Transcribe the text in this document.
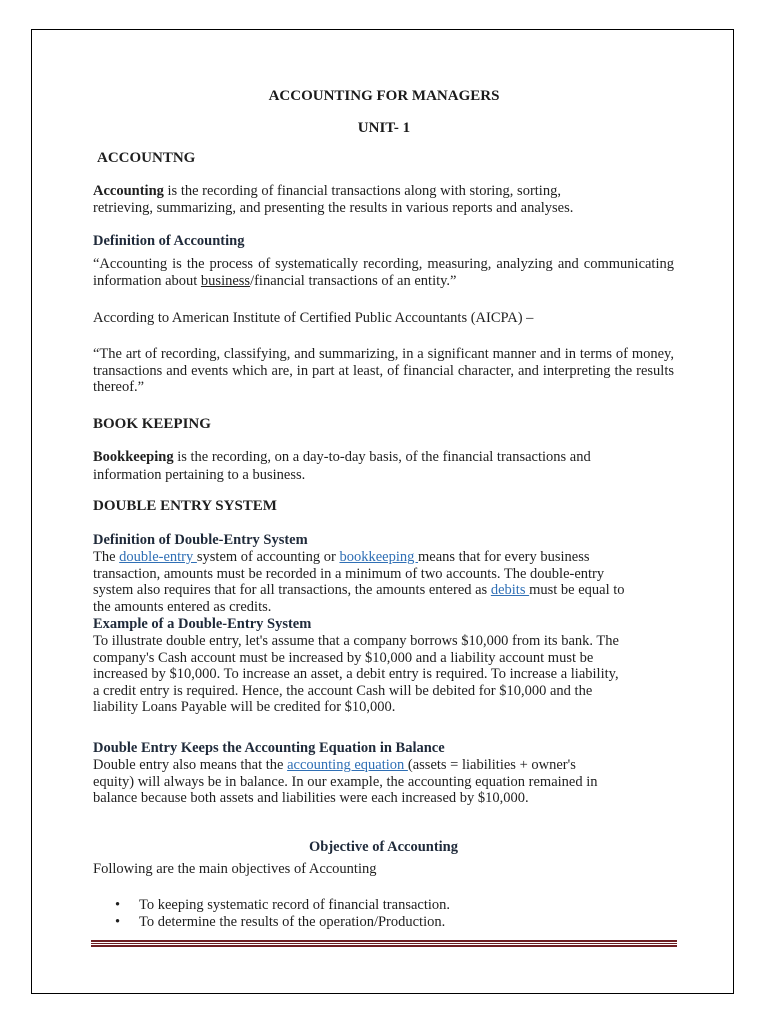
ACCOUNTING FOR MANAGERS
UNIT- 1

ACCOUNTNG

Accounting is the recording of financial transactions along with storing, sorting,

retrieving, summarizing, and presenting the results in various reports and analyses.

Definition of Accounting

“Accounting is the process of systematically recording, measuring, analyzing and communicating information about business/financial transactions of an entity.”

According to American Institute of Certified Public Accountants (AICPA) –

“The art of recording, classifying, and summarizing, in a significant manner and in terms of money, transactions and events which are, in part at least, of financial character, and interpreting the results thereof.”

BOOK KEEPING

Bookkeeping is the recording, on a day-to-day basis, of the financial transactions and

information pertaining to a business.

DOUBLE ENTRY SYSTEM

Definition of Double-Entry System

The double-entry system of accounting or bookkeeping means that for every business

transaction, amounts must be recorded in a minimum of two accounts. The double-entry

system also requires that for all transactions, the amounts entered as debits must be equal to

the amounts entered as credits.

Example of a Double-Entry System

To illustrate double entry, let's assume that a company borrows $10,000 from its bank. The

company's Cash account must be increased by $10,000 and a liability account must be

increased by $10,000. To increase an asset, a debit entry is required. To increase a liability,

a credit entry is required. Hence, the account Cash will be debited for $10,000 and the

liability Loans Payable will be credited for $10,000.

Double Entry Keeps the Accounting Equation in Balance

Double entry also means that the accounting equation (assets = liabilities + owner's

equity) will always be in balance. In our example, the accounting equation remained in

balance because both assets and liabilities were each increased by $10,000.

Objective of Accounting

Following are the main objectives of Accounting

• To keeping systematic record of financial transaction.
• To determine the results of the operation/Production.
